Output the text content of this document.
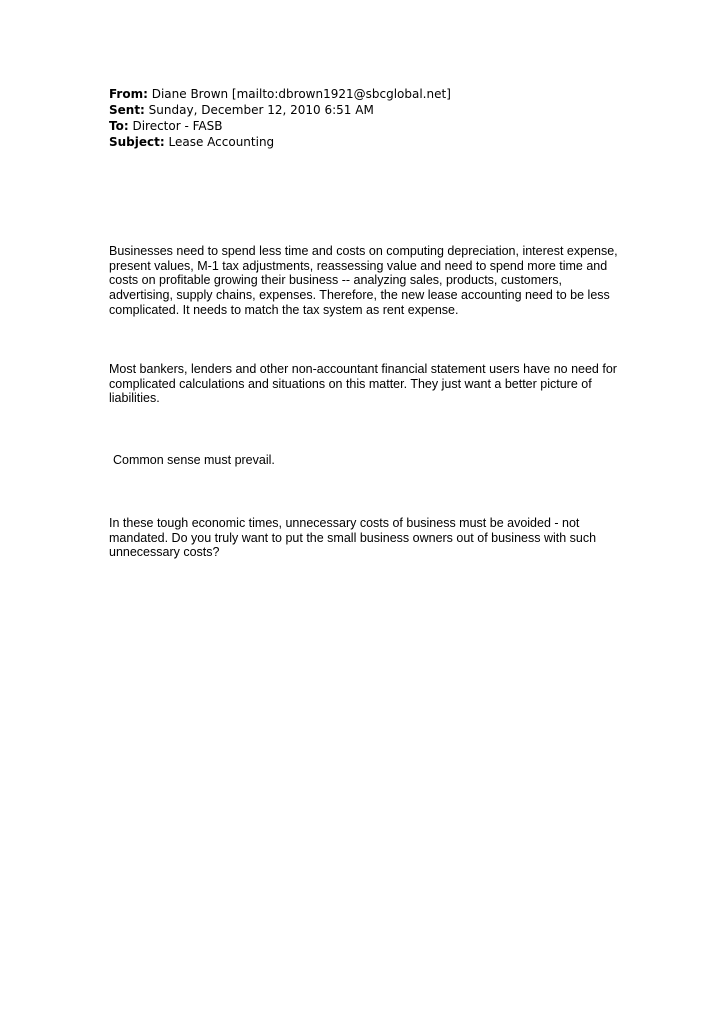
From: Diane Brown [mailto:dbrown1921@sbcglobal.net]
Sent: Sunday, December 12, 2010 6:51 AM
To: Director - FASB
Subject: Lease Accounting

Businesses need to spend less time and costs on computing depreciation, interest expense,
present values, M-1 tax adjustments, reassessing value and need to spend more time and
costs on profitable growing their business -- analyzing sales, products, customers,
advertising, supply chains, expenses. Therefore, the new lease accounting need to be less
complicated. It needs to match the tax system as rent expense.

Most bankers, lenders and other non-accountant financial statement users have no need for
complicated calculations and situations on this matter. They just want a better picture of
liabilities.

Common sense must prevail.

In these tough economic times, unnecessary costs of business must be avoided - not
mandated. Do you truly want to put the small business owners out of business with such
unnecessary costs?
